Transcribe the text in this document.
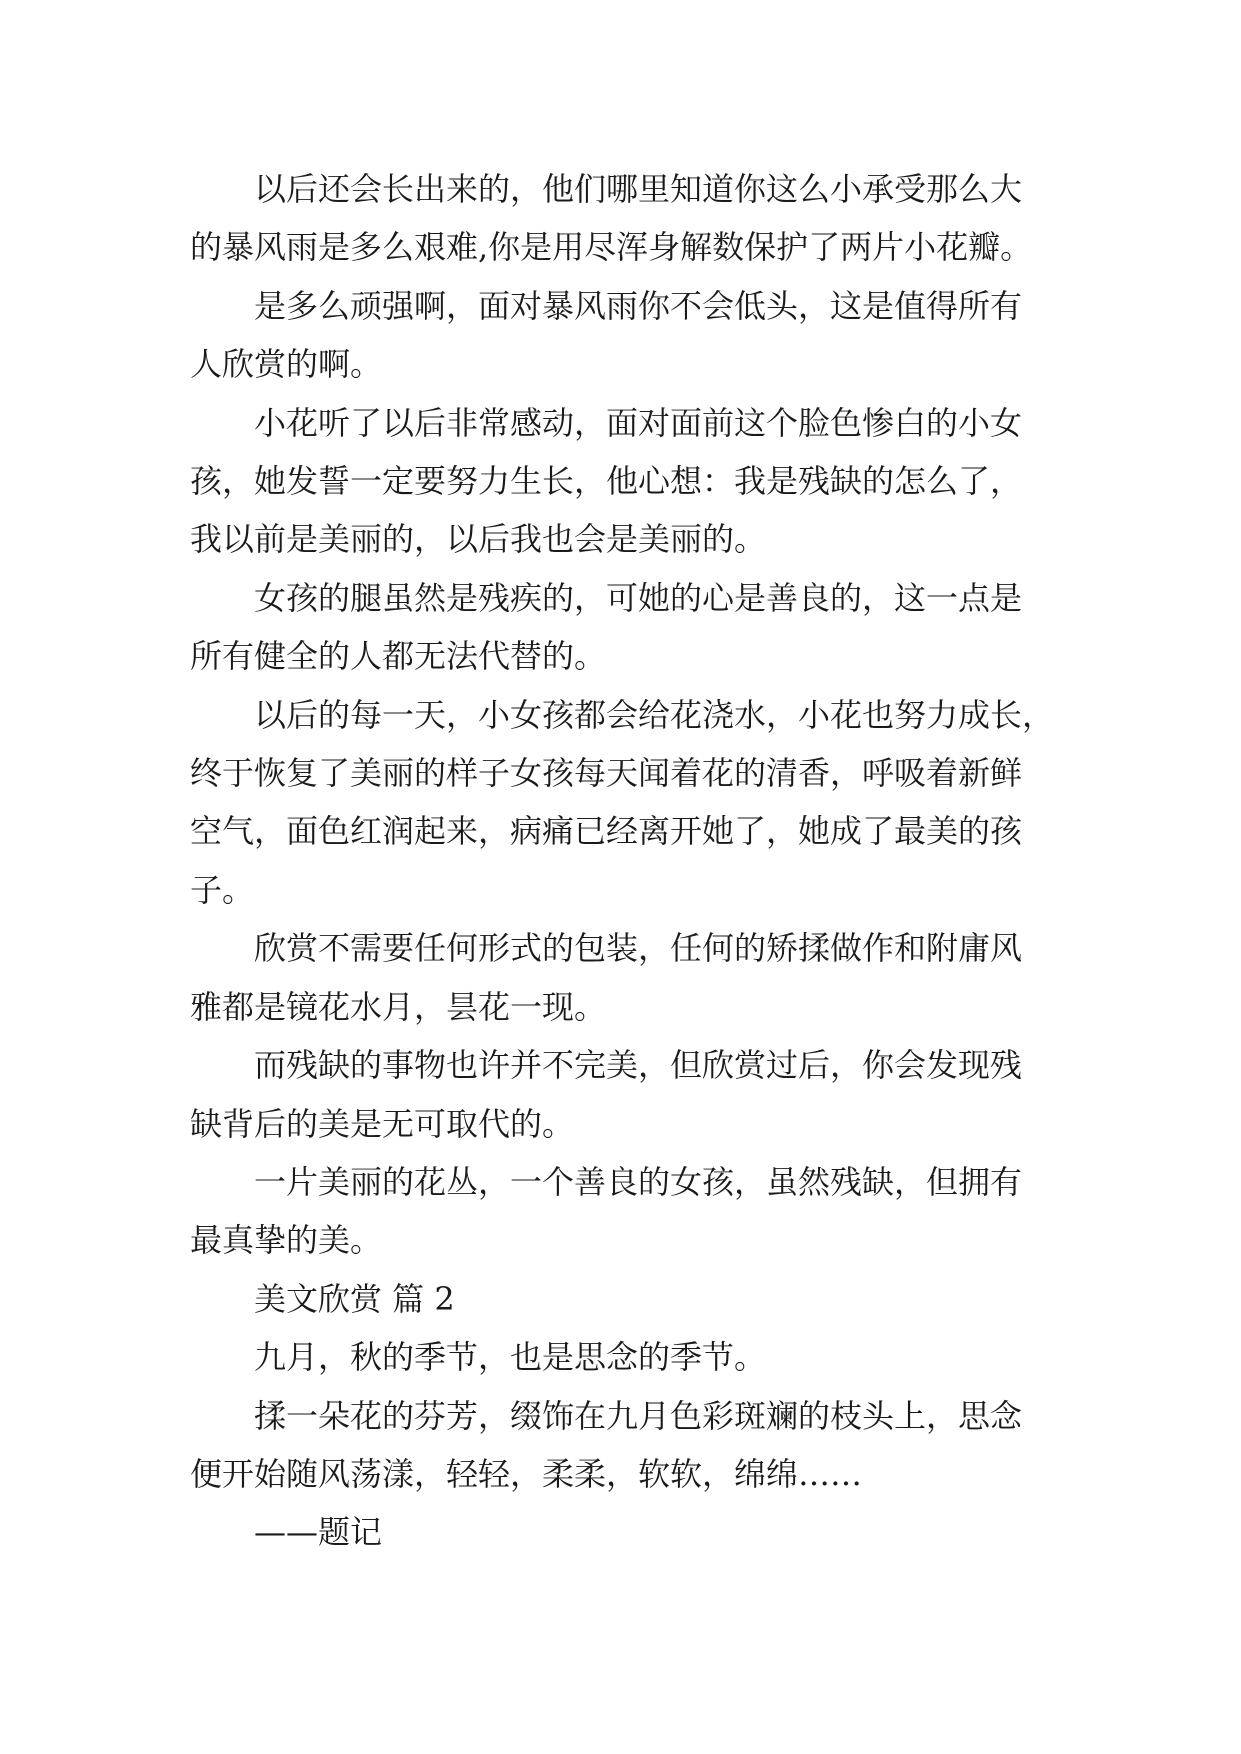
以后还会长出来的，他们哪里知道你这么小承受那么大
的暴风雨是多么艰难,你是用尽浑身解数保护了两片小花瓣。
是多么顽强啊，面对暴风雨你不会低头，这是值得所有
人欣赏的啊。
小花听了以后非常感动，面对面前这个脸色惨白的小女
孩，她发誓一定要努力生长，他心想：我是残缺的怎么了，
我以前是美丽的，以后我也会是美丽的。
女孩的腿虽然是残疾的，可她的心是善良的，这一点是
所有健全的人都无法代替的。
以后的每一天，小女孩都会给花浇水，小花也努力成长，
终于恢复了美丽的样子女孩每天闻着花的清香，呼吸着新鲜
空气，面色红润起来，病痛已经离开她了，她成了最美的孩
子。
欣赏不需要任何形式的包装，任何的矫揉做作和附庸风
雅都是镜花水月，昙花一现。
而残缺的事物也许并不完美，但欣赏过后，你会发现残
缺背后的美是无可取代的。
一片美丽的花丛，一个善良的女孩，虽然残缺，但拥有
最真挚的美。
美文欣赏 篇 2
九月，秋的季节，也是思念的季节。
揉一朵花的芬芳，缀饰在九月色彩斑斓的枝头上，思念
便开始随风荡漾，轻轻，柔柔，软软，绵绵……
——题记
